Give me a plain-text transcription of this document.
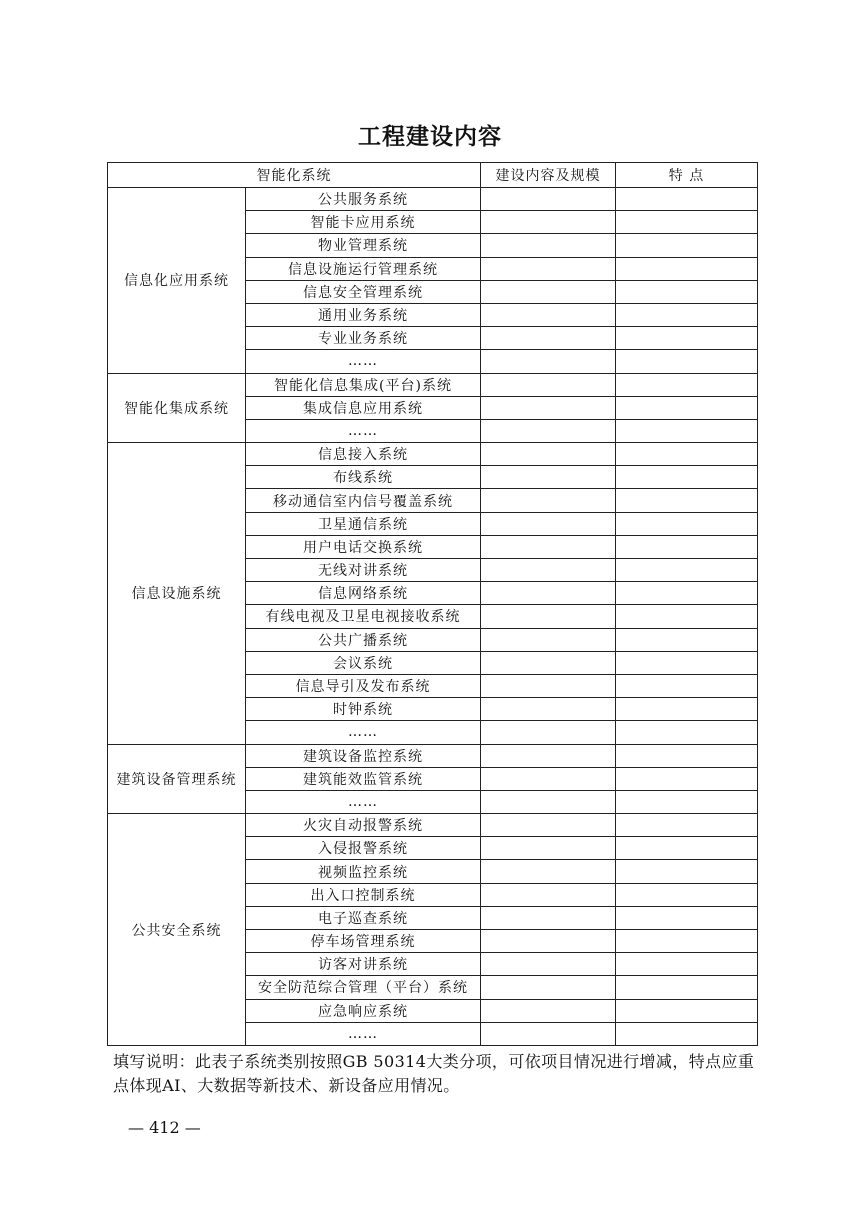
工程建设内容
智能化系统		建设内容及规模	特 点
信息化应用系统	公共服务系统		
	智能卡应用系统		
	物业管理系统		
	信息设施运行管理系统		
	信息安全管理系统		
	通用业务系统		
	专业业务系统		
	……		
智能化集成系统	智能化信息集成(平台)系统		
	集成信息应用系统		
	……		
信息设施系统	信息接入系统		
	布线系统		
	移动通信室内信号覆盖系统		
	卫星通信系统		
	用户电话交换系统		
	无线对讲系统		
	信息网络系统		
	有线电视及卫星电视接收系统		
	公共广播系统		
	会议系统		
	信息导引及发布系统		
	时钟系统		
	……		
建筑设备管理系统	建筑设备监控系统		
	建筑能效监管系统		
	……		
公共安全系统	火灾自动报警系统		
	入侵报警系统		
	视频监控系统		
	出入口控制系统		
	电子巡查系统		
	停车场管理系统		
	访客对讲系统		
	安全防范综合管理（平台）系统		
	应急响应系统		
	……		
填写说明：此表子系统类别按照GB 50314大类分项，可依项目情况进行增减，特点应重点体现AI、大数据等新技术、新设备应用情况。
— 412 —
